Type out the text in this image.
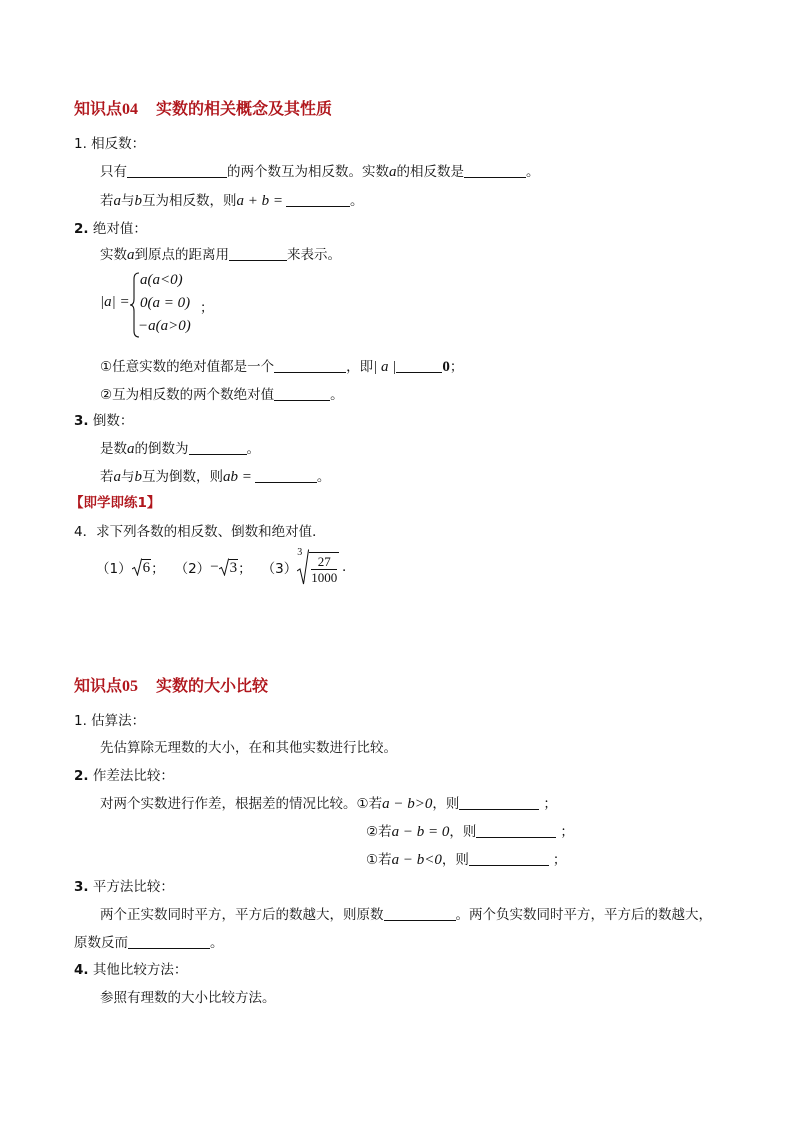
知识点04 实数的相关概念及其性质
1. 相反数：
只有	的两个数互为相反数。实数a的相反数是	。
若a与b互为相反数，则a + b =	。
2. 绝对值：
实数a到原点的距离用	来表示。
|a| =
a(a<0)
0(a = 0)
−a(a>0)
；
①任意实数的绝对值都是一个	，即| a |	0；
②互为相反数的两个数绝对值	。
3. 倒数：
是数a的倒数为	。
若a与b互为倒数，则ab =	。
【即学即练1】
4．求下列各数的相反数、倒数和绝对值．
（1） 6 ； （2） − 3 ； （3）
3
$\frac{27}{1000}$ .
知识点05 实数的大小比较
1. 估算法：
先估算除无理数的大小，在和其他实数进行比较。
2. 作差法比较：
对两个实数进行作差，根据差的情况比较。①若a − b>0，则	；
②若a − b = 0，则	；
①若a − b<0，则	；
3. 平方法比较：
两个正实数同时平方，平方后的数越大，则原数	。两个负实数同时平方，平方后的数越大，
原数反而	。
4. 其他比较方法：
参照有理数的大小比较方法。
